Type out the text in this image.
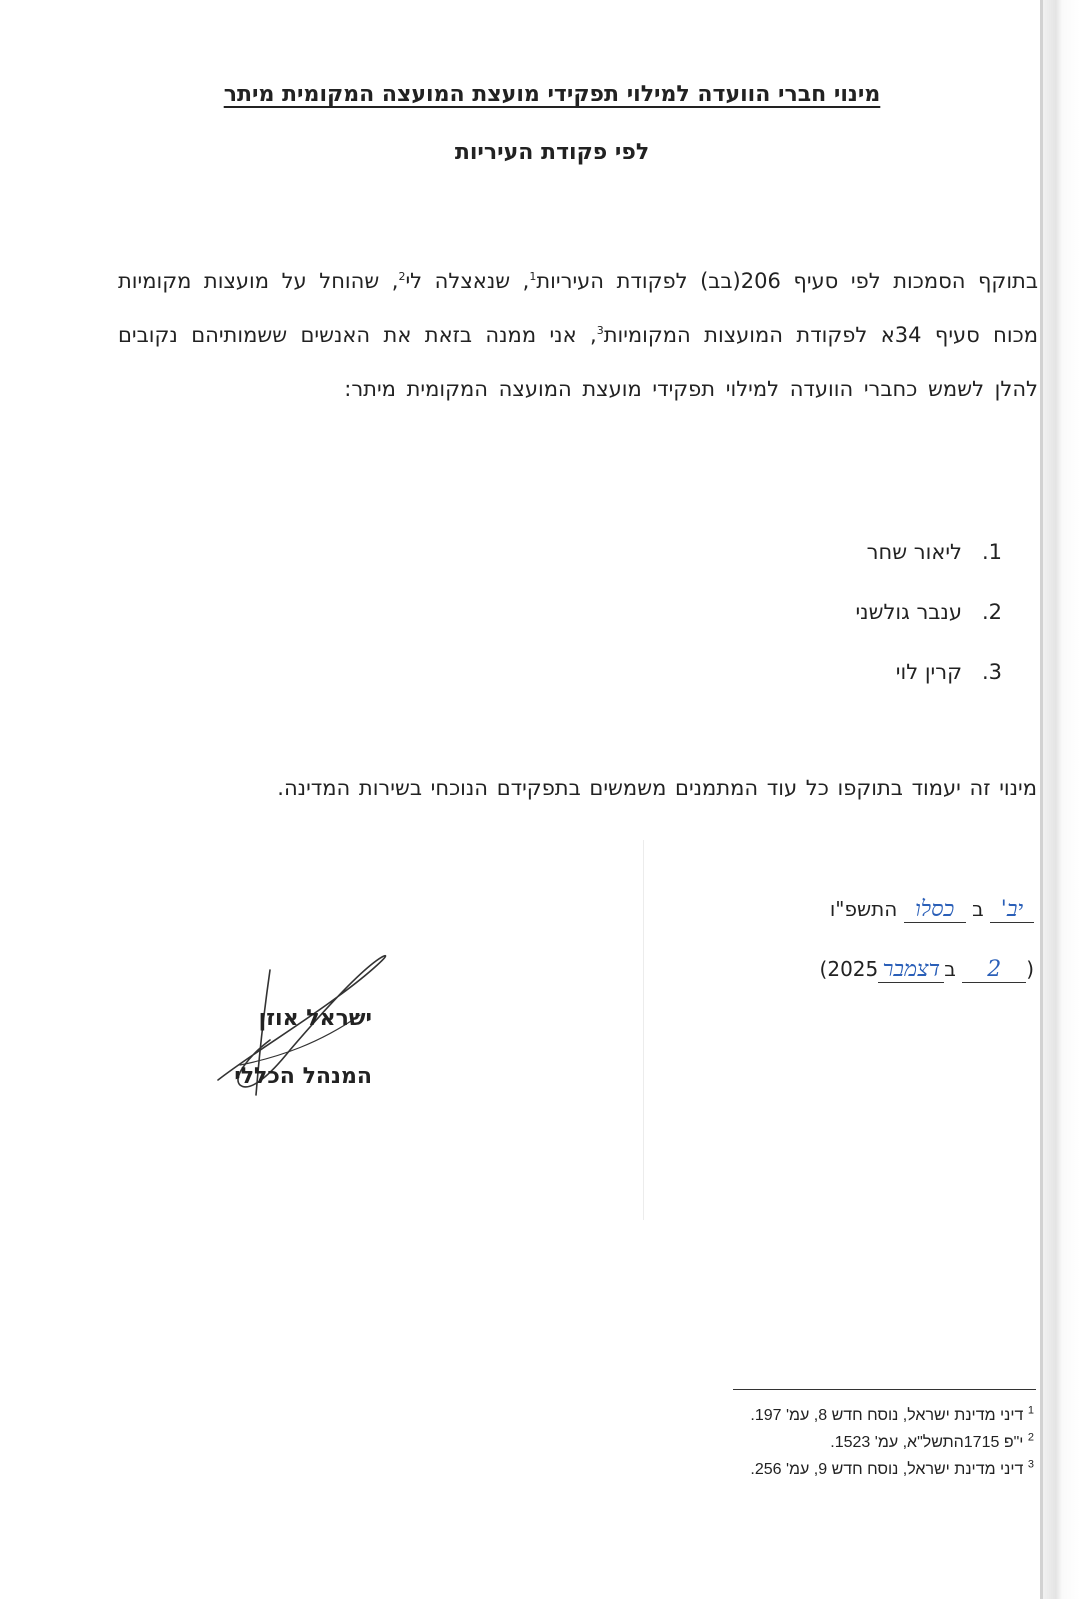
מינוי חברי הוועדה למילוי תפקידי מועצת המועצה המקומית מיתר
לפי פקודת העיריות
בתוקף הסמכות לפי סעיף 206(בב) לפקודת העיריות$^1$, שנאצלה לי$^2$, שהוחל על מועצות מקומיות מכוח סעיף 34א לפקודת המועצות המקומיות$^3$, אני ממנה בזאת את האנשים ששמותיהם נקובים להלן לשמש כחברי הוועדה למילוי תפקידי מועצת המועצה המקומית מיתר:
1.ליאור שחר
2.ענבר גולשני
3.קרין לוי
מינוי זה יעמוד בתוקפו כל עוד המתמנים משמשים בתפקידם הנוכחי בשירות המדינה.
יב' ב כסלו התשפ"ו
(2 בדצמבר2025)
ישראל אוזן
המנהל הכללי
$^1$ דיני מדינת ישראל, נוסח חדש 8, עמ' 197.
$^2$ י"פ 1715התשל"א, עמ' 1523.
$^3$ דיני מדינת ישראל, נוסח חדש 9, עמ' 256.
